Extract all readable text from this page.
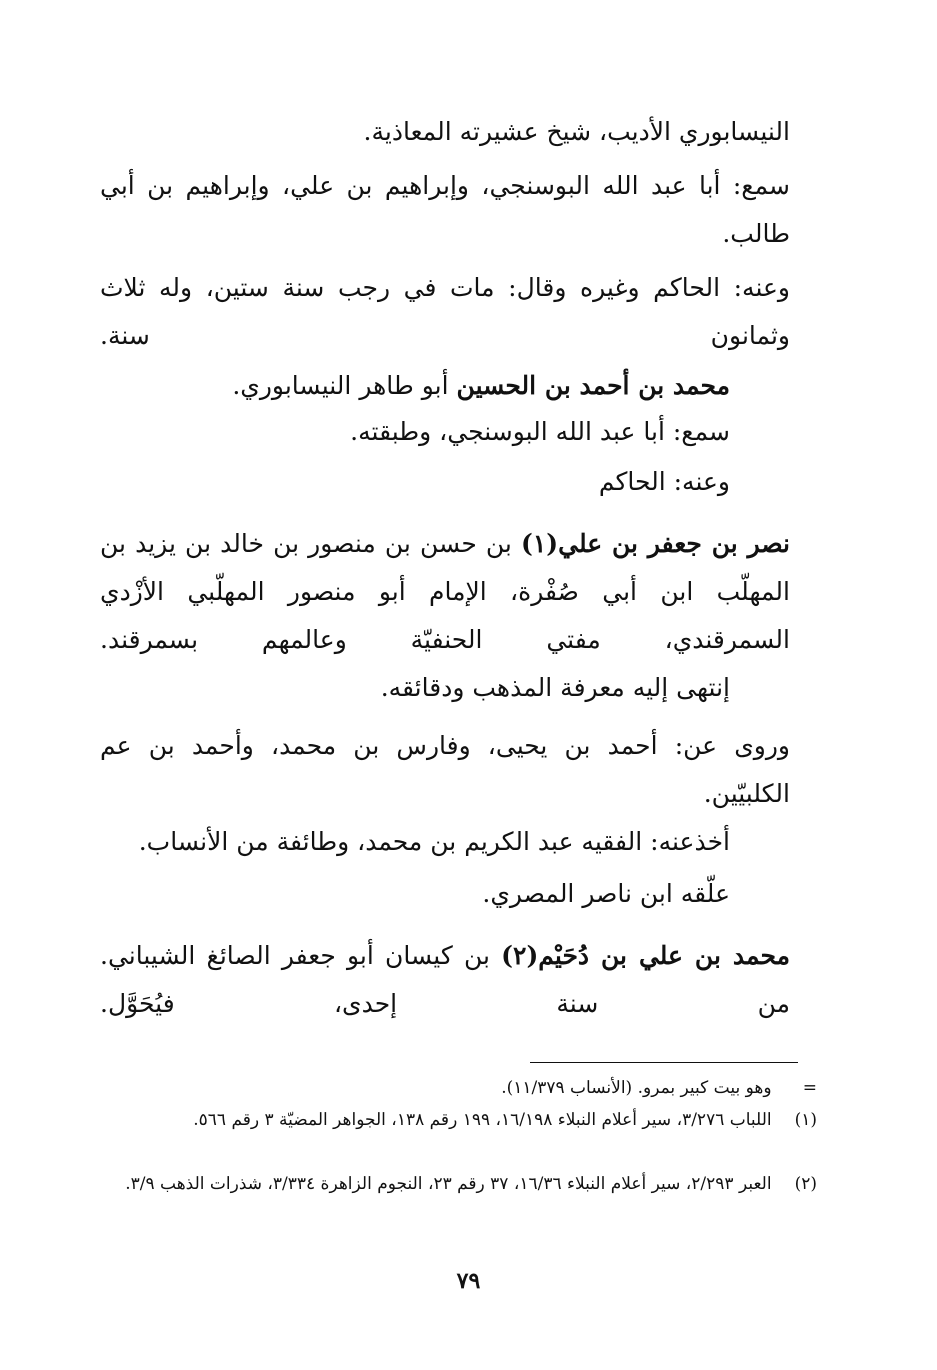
النيسابوري الأديب، شيخ عشيرته المعاذية.
سمع: أبا عبد الله البوسنجي، وإبراهيم بن علي، وإبراهيم بن أبي طالب.
وعنه: الحاكم وغيره وقال: مات في رجب سنة ستين، وله ثلاث وثمانون سنة.
محمد بن أحمد بن الحسين أبو طاهر النيسابوري.
سمع: أبا عبد الله البوسنجي، وطبقته.
وعنه: الحاكم
نصر بن جعفر بن علي(١) بن حسن بن منصور بن خالد بن يزيد بن المهلّب ابن أبي صُفْرة، الإمام أبو منصور المهلّبي الأزْدي السمرقندي، مفتي الحنفيّة وعالمهم بسمرقند.
إنتهى إليه معرفة المذهب ودقائقه.
وروى عن: أحمد بن يحيى، وفارس بن محمد، وأحمد بن عم الكلبيّين.
أخذعنه: الفقيه عبد الكريم بن محمد، وطائفة من الأنساب.
علّقه ابن ناصر المصري.
محمد بن علي بن دُحَيْم(٢) بن كيسان أبو جعفر الصائغ الشيباني. من سنة إحدى، فيُحَوَّل.
= وهو بيت كبير بمرو. (الأنساب ١١/٣٧٩).
(١) اللباب ٣/٢٧٦، سير أعلام النبلاء ١٦/١٩٨، ١٩٩ رقم ١٣٨، الجواهر المضيّة ٣ رقم ٥٦٦.
(٢) العبر ٢/٢٩٣، سير أعلام النبلاء ١٦/٣٦، ٣٧ رقم ٢٣، النجوم الزاهرة ٣/٣٣٤، شذرات الذهب ٣/٩.
٧٩
